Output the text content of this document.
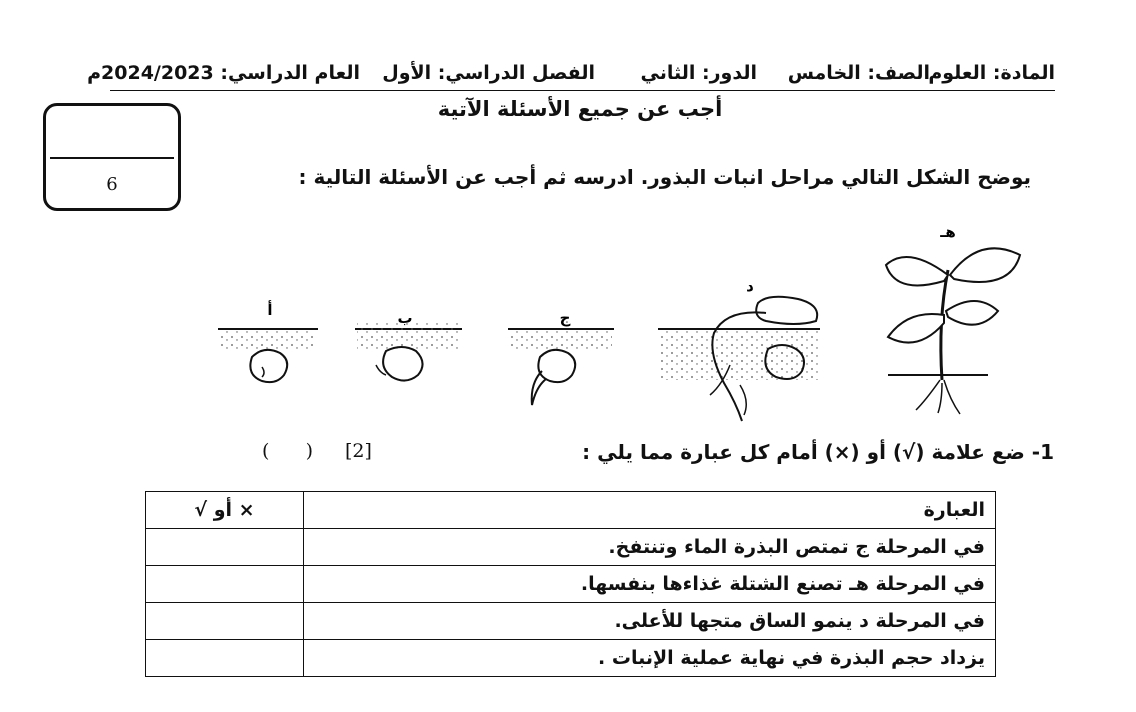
المادة: العلوم
الصف: الخامس
الدور: الثاني
الفصل الدراسي: الأول
العام الدراسي: 2024/2023م
أجب عن جميع الأسئلة الآتية
6	يوضح الشكل التالي مراحل انبات البذور. ادرسه ثم أجب عن الأسئلة التالية :
أ	ب	ج
د
هـ
1- ضع علامة (√) أو (×) أمام كل عبارة مما يلي :
[2]
(      )
√ أو ×	العبارة
	في المرحلة ج تمتص البذرة الماء وتنتفخ.
	في المرحلة هـ تصنع الشتلة غذاءها بنفسها.
	في المرحلة د ينمو الساق متجها للأعلى.
	يزداد حجم البذرة في نهاية عملية الإنبات .
